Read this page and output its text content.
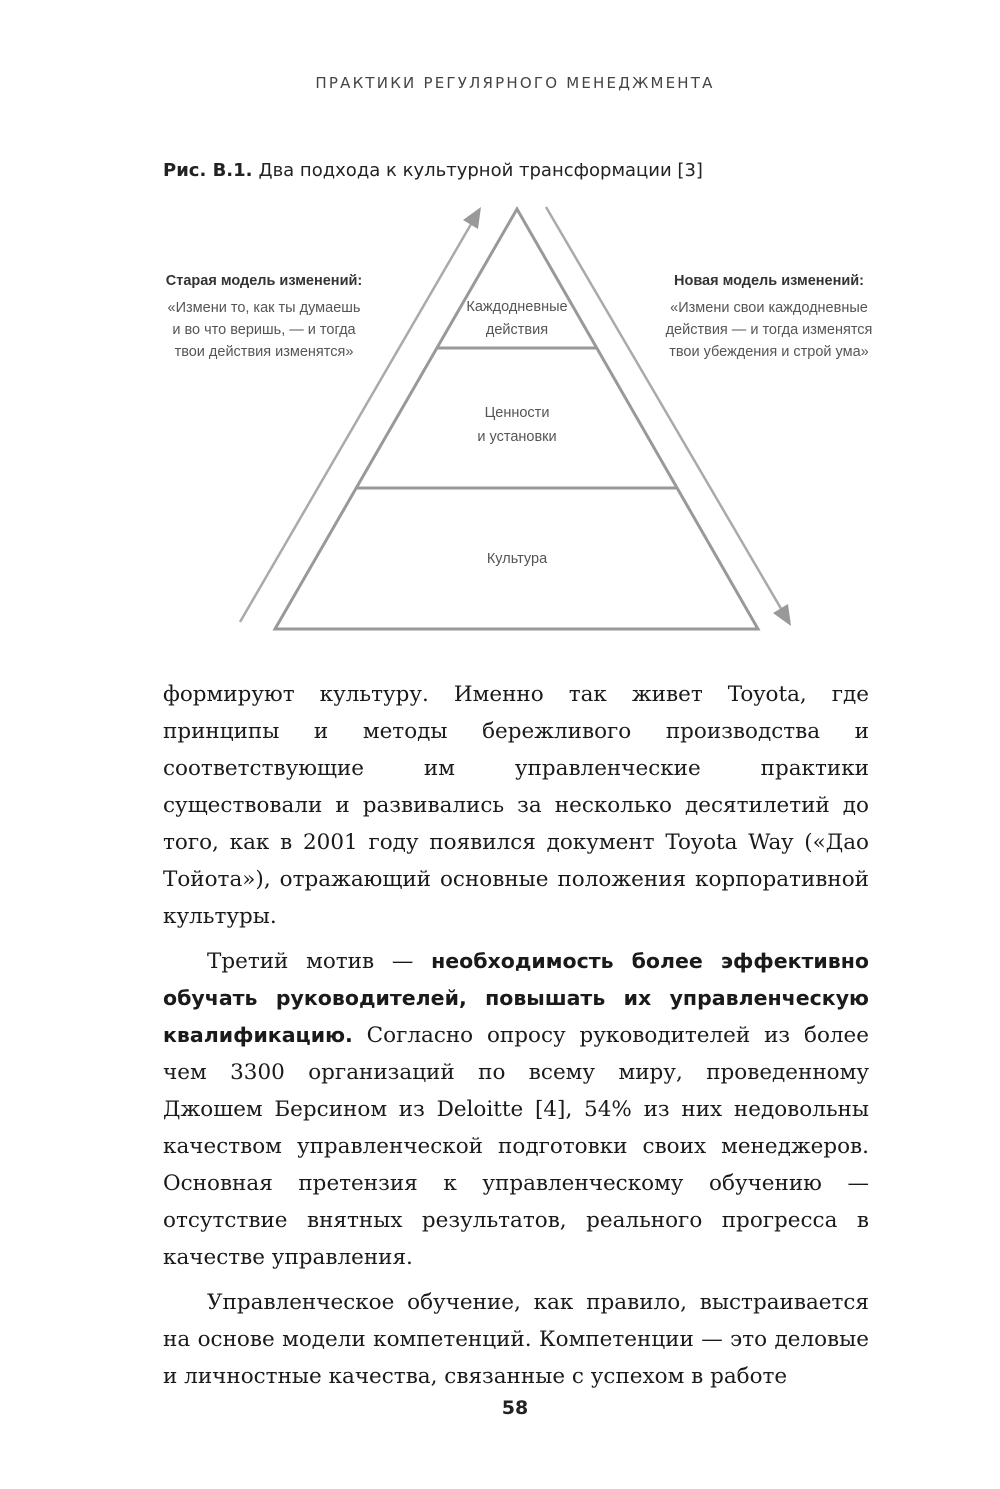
ПРАКТИКИ РЕГУЛЯРНОГО МЕНЕДЖМЕНТА
Рис. В.1. Два подхода к культурной трансформации [3]
Каждодневные
действия
Ценности
и установки
Культура
Старая модель изменений:
«Измени то, как ты думаешь
и во что веришь, — и тогда
твои действия изменятся»
Новая модель изменений:
«Измени свои каждодневные
действия — и тогда изменятся
твои убеждения и строй ума»

формируют культуру. Именно так живет Toyota, где принципы и методы бережливого производства и соответствующие им управленческие практики существовали и развивались за несколько десятилетий до того, как в 2001 году появился документ Toyota Way («Дао Тойота»), отражающий основные положения корпоративной культуры.

Третий мотив — необходимость более эффективно обучать руководителей, повышать их управленческую квалификацию. Согласно опросу руководителей из более чем 3300 организаций по всему миру, проведенному Джошем Берсином из Deloitte [4], 54% из них недовольны качеством управленческой подготовки своих менеджеров. Основная претензия к управленческому обучению — отсутствие внятных результатов, реального прогресса в качестве управления.

Управленческое обучение, как правило, выстраивается на основе модели компетенций. Компетенции — это деловые и личностные качества, связанные с успехом в работе

58
